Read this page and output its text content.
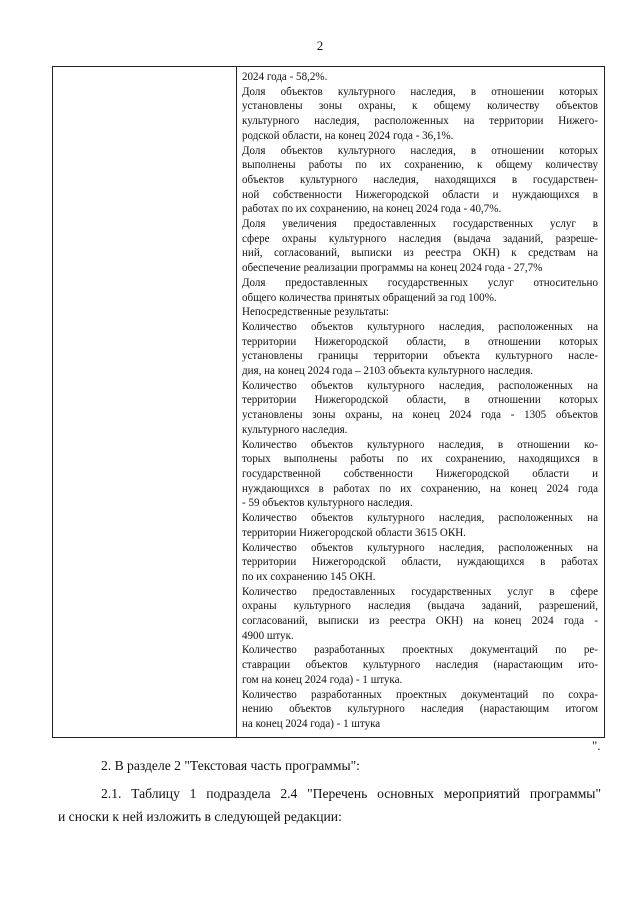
2
2024 года - 58,2%.
Доля объектов культурного наследия, в отношении которых
установлены зоны охраны, к общему количеству объектов
культурного наследия, расположенных на территории Нижего-
родской области, на конец 2024 года - 36,1%.
Доля объектов культурного наследия, в отношении которых
выполнены работы по их сохранению, к общему количеству
объектов культурного наследия, находящихся в государствен-
ной собственности Нижегородской области и нуждающихся в
работах по их сохранению, на конец 2024 года - 40,7%.
Доля увеличения предоставленных государственных услуг в
сфере охраны культурного наследия (выдача заданий, разреше-
ний, согласований, выписки из реестра ОКН) к средствам на
обеспечение реализации программы на конец 2024 года - 27,7%
Доля предоставленных государственных услуг относительно
общего количества принятых обращений за год 100%.
Непосредственные результаты:
Количество объектов культурного наследия, расположенных на
территории Нижегородской области, в отношении которых
установлены границы территории объекта культурного насле-
дия, на конец 2024 года – 2103 объекта культурного наследия.
Количество объектов культурного наследия, расположенных на
территории Нижегородской области, в отношении которых
установлены зоны охраны, на конец 2024 года - 1305 объектов
культурного наследия.
Количество объектов культурного наследия, в отношении ко-
торых выполнены работы по их сохранению, находящихся в
государственной собственности Нижегородской области и
нуждающихся в работах по их сохранению, на конец 2024 года
- 59 объектов культурного наследия.
Количество объектов культурного наследия, расположенных на
территории Нижегородской области 3615 ОКН.
Количество объектов культурного наследия, расположенных на
территории Нижегородской области, нуждающихся в работах
по их сохранению 145 ОКН.
Количество предоставленных государственных услуг в сфере
охраны культурного наследия (выдача заданий, разрешений,
согласований, выписки из реестра ОКН) на конец 2024 года -
4900 штук.
Количество разработанных проектных документаций по ре-
ставрации объектов культурного наследия (нарастающим ито-
гом на конец 2024 года) - 1 штука.
Количество разработанных проектных документаций по сохра-
нению объектов культурного наследия (нарастающим итогом
на конец 2024 года) - 1 штука
".
2. В разделе 2 "Текстовая часть программы":
2.1. Таблицу 1 подраздела 2.4 "Перечень основных мероприятий программы"
и сноски к ней изложить в следующей редакции:
